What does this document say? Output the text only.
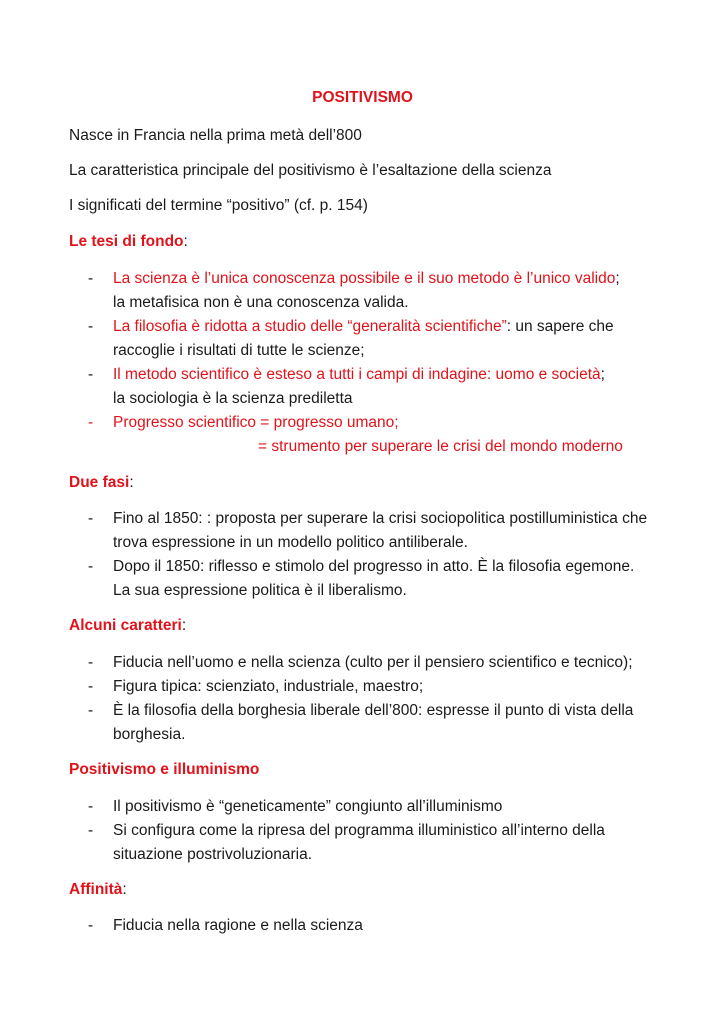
POSITIVISMO
Nasce in Francia nella prima metà dell’800
La caratteristica principale del positivismo è l’esaltazione della scienza
I significati del termine “positivo” (cf. p. 154)
Le tesi di fondo:
- La scienza è l’unica conoscenza possibile e il suo metodo è l’unico valido;
la metafisica non è una conoscenza valida.
- La filosofia è ridotta a studio delle “generalità scientifiche”: un sapere che
raccoglie i risultati di tutte le scienze;
- Il metodo scientifico è esteso a tutti i campi di indagine: uomo e società;
la sociologia è la scienza prediletta
- Progresso scientifico = progresso umano;
= strumento per superare le crisi del mondo moderno
Due fasi:
- Fino al 1850: : proposta per superare la crisi sociopolitica postilluministica che
trova espressione in un modello politico antiliberale.
- Dopo il 1850: riflesso e stimolo del progresso in atto. È la filosofia egemone.
La sua espressione politica è il liberalismo.
Alcuni caratteri:
- Fiducia nell’uomo e nella scienza (culto per il pensiero scientifico e tecnico);
- Figura tipica: scienziato, industriale, maestro;
- È la filosofia della borghesia liberale dell’800: espresse il punto di vista della
borghesia.
Positivismo e illuminismo
- Il positivismo è “geneticamente” congiunto all’illuminismo
- Si configura come la ripresa del programma illuministico all’interno della
situazione postrivoluzionaria.
Affinità:
- Fiducia nella ragione e nella scienza
